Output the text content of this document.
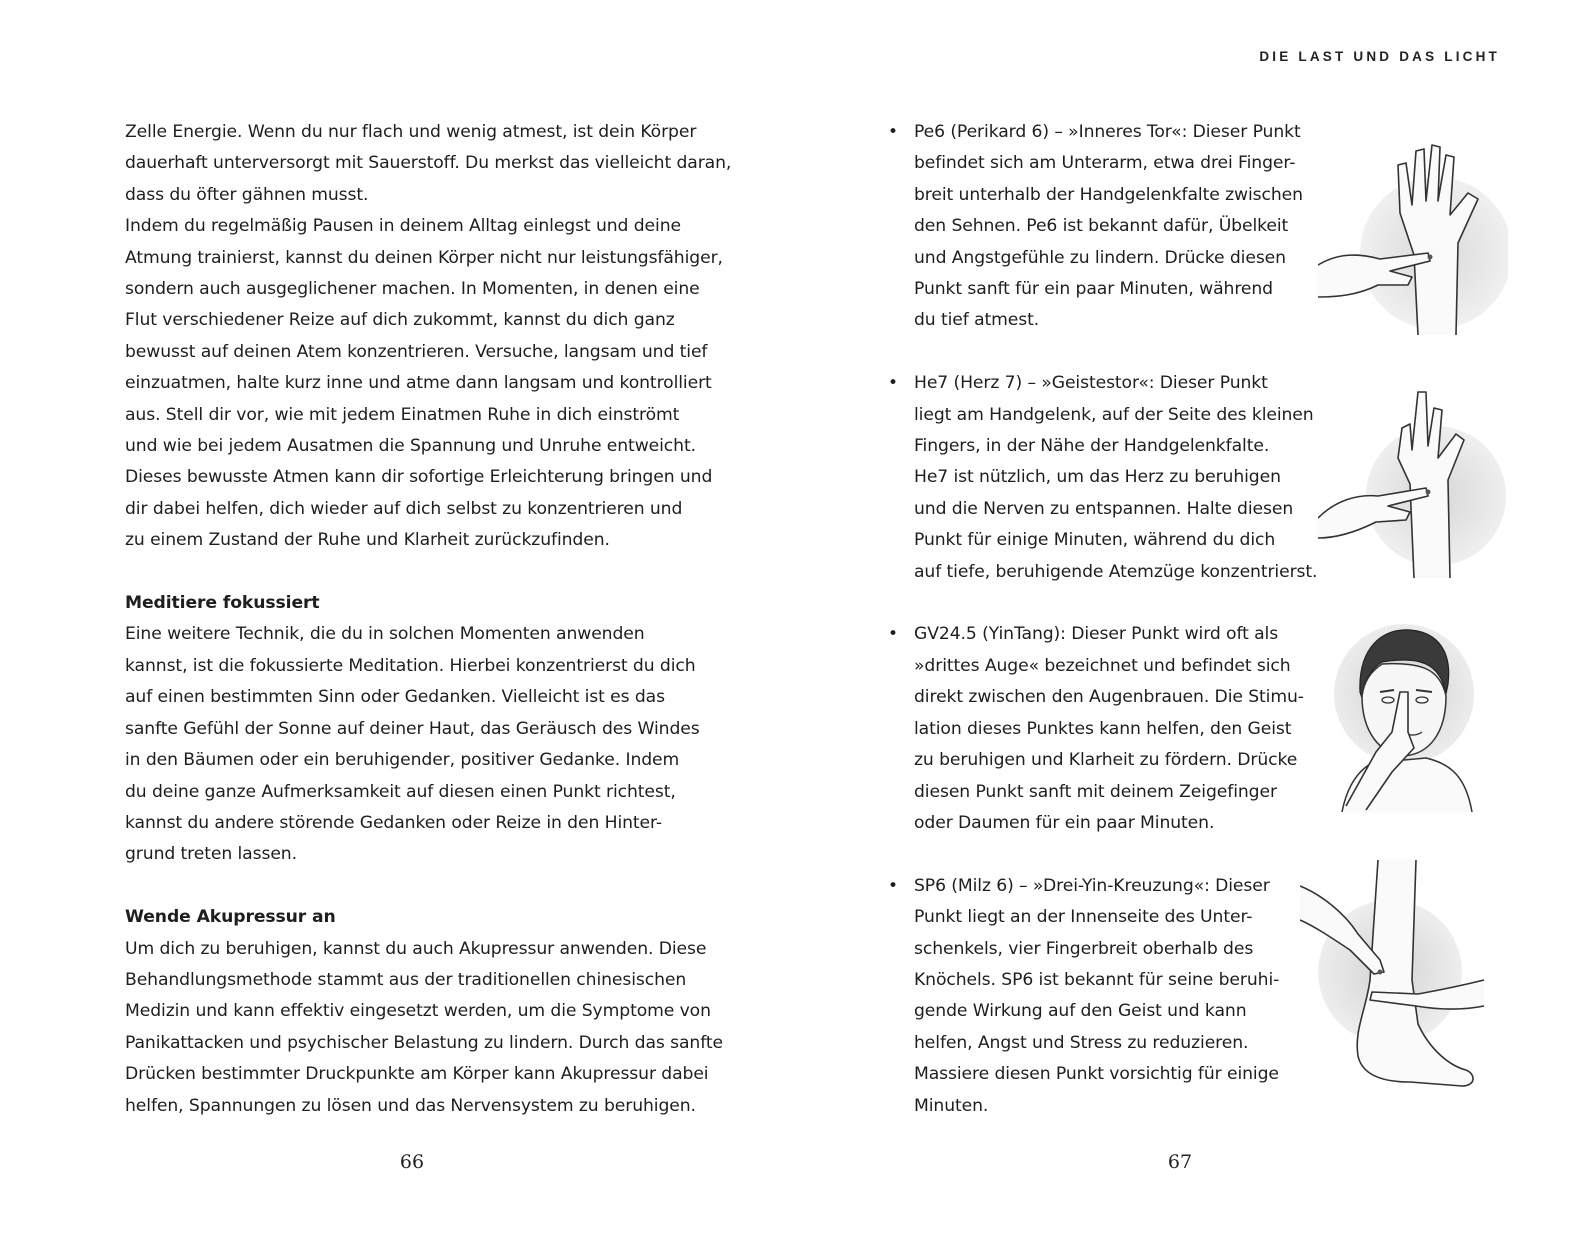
DIE LAST UND DAS LICHT

Zelle Energie. Wenn du nur flach und wenig atmest, ist dein Körper
dauerhaft unterversorgt mit Sauerstoff. Du merkst das vielleicht daran,
dass du öfter gähnen musst.

Indem du regelmäßig Pausen in deinem Alltag einlegst und deine
Atmung trainierst, kannst du deinen Körper nicht nur leistungsfähiger,
sondern auch ausgeglichener machen. In Momenten, in denen eine
Flut verschiedener Reize auf dich zukommt, kannst du dich ganz
bewusst auf deinen Atem konzentrieren. Versuche, langsam und tief
einzuatmen, halte kurz inne und atme dann langsam und kontrolliert
aus. Stell dir vor, wie mit jedem Einatmen Ruhe in dich einströmt
und wie bei jedem Ausatmen die Spannung und Unruhe entweicht.
Dieses bewusste Atmen kann dir sofortige Erleichterung bringen und
dir dabei helfen, dich wieder auf dich selbst zu konzentrieren und
zu einem Zustand der Ruhe und Klarheit zurückzufinden.

Meditiere fokussiert

Eine weitere Technik, die du in solchen Momenten anwenden
kannst, ist die fokussierte Meditation. Hierbei konzentrierst du dich
auf einen bestimmten Sinn oder Gedanken. Vielleicht ist es das
sanfte Gefühl der Sonne auf deiner Haut, das Geräusch des Windes
in den Bäumen oder ein beruhigender, positiver Gedanke. Indem
du deine ganze Aufmerksamkeit auf diesen einen Punkt richtest,
kannst du andere störende Gedanken oder Reize in den Hinter-
grund treten lassen.

Wende Akupressur an

Um dich zu beruhigen, kannst du auch Akupressur anwenden. Diese
Behandlungsmethode stammt aus der traditionellen chinesischen
Medizin und kann effektiv eingesetzt werden, um die Symptome von
Panikattacken und psychischer Belastung zu lindern. Durch das sanfte
Drücken bestimmter Druckpunkte am Körper kann Akupressur dabei
helfen, Spannungen zu lösen und das Nervensystem zu beruhigen.

66
• Pe6 (Perikard 6) – »Inneres Tor«: Dieser Punkt
befindet sich am Unterarm, etwa drei Finger-
breit unterhalb der Handgelenkfalte zwischen
den Sehnen. Pe6 ist bekannt dafür, Übelkeit
und Angstgefühle zu lindern. Drücke diesen
Punkt sanft für ein paar Minuten, während
du tief atmest.
• He7 (Herz 7) – »Geistestor«: Dieser Punkt
liegt am Handgelenk, auf der Seite des kleinen
Fingers, in der Nähe der Handgelenkfalte.
He7 ist nützlich, um das Herz zu beruhigen
und die Nerven zu entspannen. Halte diesen
Punkt für einige Minuten, während du dich
auf tiefe, beruhigende Atemzüge konzentrierst.
• GV24.5 (YinTang): Dieser Punkt wird oft als
»drittes Auge« bezeichnet und befindet sich
direkt zwischen den Augenbrauen. Die Stimu-
lation dieses Punktes kann helfen, den Geist
zu beruhigen und Klarheit zu fördern. Drücke
diesen Punkt sanft mit deinem Zeigefinger
oder Daumen für ein paar Minuten.
• SP6 (Milz 6) – »Drei-Yin-Kreuzung«: Dieser
Punkt liegt an der Innenseite des Unter-
schenkels, vier Fingerbreit oberhalb des
Knöchels. SP6 ist bekannt für seine beruhi-
gende Wirkung auf den Geist und kann
helfen, Angst und Stress zu reduzieren.
Massiere diesen Punkt vorsichtig für einige
Minuten.
67
